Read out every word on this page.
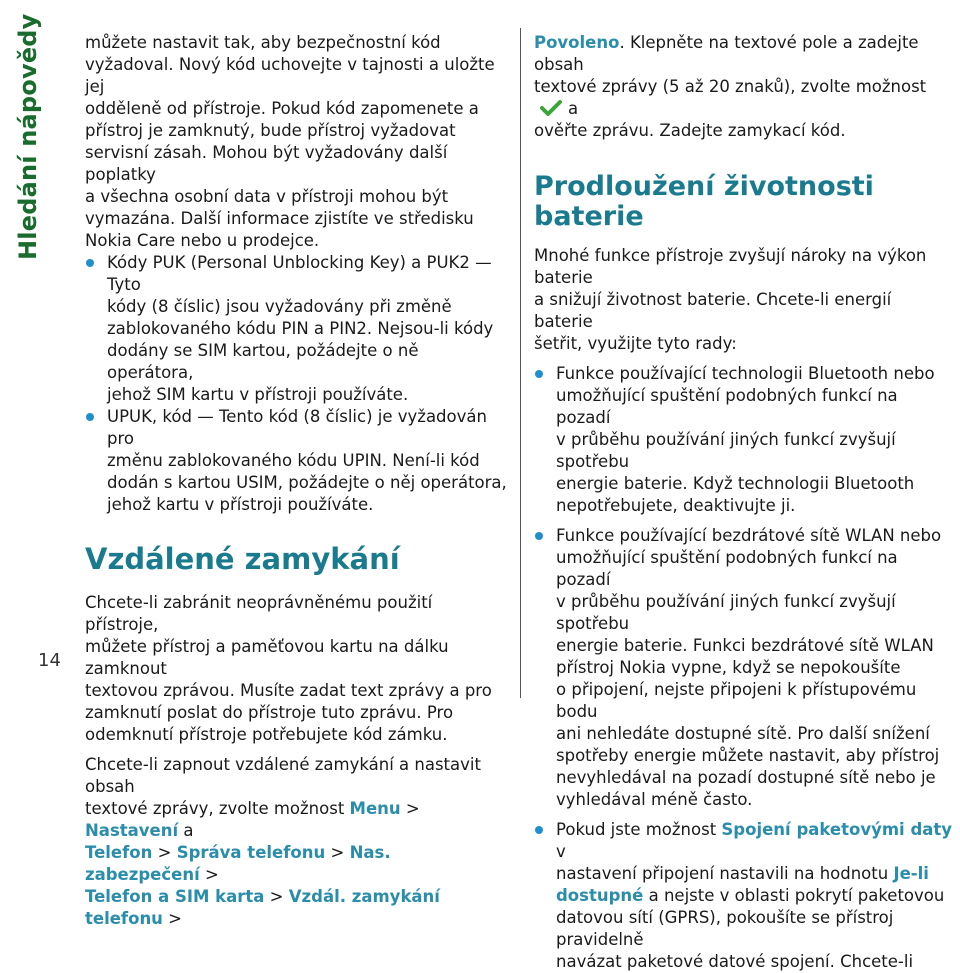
Hledání nápovědy
14

můžete nastavit tak, aby bezpečnostní kód
vyžadoval. Nový kód uchovejte v tajnosti a uložte jej
odděleně od přístroje. Pokud kód zapomenete a
přístroj je zamknutý, bude přístroj vyžadovat
servisní zásah. Mohou být vyžadovány další poplatky
a všechna osobní data v přístroji mohou být
vymazána. Další informace zjistíte ve středisku
Nokia Care nebo u prodejce.

Kódy PUK (Personal Unblocking Key) a PUK2 — Tyto
kódy (8 číslic) jsou vyžadovány při změně
zablokovaného kódu PIN a PIN2. Nejsou-li kódy
dodány se SIM kartou, požádejte o ně operátora,
jehož SIM kartu v přístroji používáte.
UPUK, kód — Tento kód (8 číslic) je vyžadován pro
změnu zablokovaného kódu UPIN. Není-li kód
dodán s kartou USIM, požádejte o něj operátora,
jehož kartu v přístroji používáte.
Vzdálené zamykání

Chcete-li zabránit neoprávněnému použití přístroje,
můžete přístroj a paměťovou kartu na dálku zamknout
textovou zprávou. Musíte zadat text zprávy a pro
zamknutí poslat do přístroje tuto zprávu. Pro
odemknutí přístroje potřebujete kód zámku.

Chcete-li zapnout vzdálené zamykání a nastavit obsah
textové zprávy, zvolte možnost Menu > Nastavení a
Telefon > Správa telefonu > Nas. zabezpečení >
Telefon a SIM karta > Vzdál. zamykání telefonu >

Povoleno. Klepněte na textové pole a zadejte obsah
textové zprávy (5 až 20 znaků), zvolte možnosta
ověřte zprávu. Zadejte zamykací kód.

Prodloužení životnosti baterie

Mnohé funkce přístroje zvyšují nároky na výkon baterie
a snižují životnost baterie. Chcete-li energií baterie
šetřit, využijte tyto rady:

Funkce používající technologii Bluetooth nebo
umožňující spuštění podobných funkcí na pozadí
v průběhu používání jiných funkcí zvyšují spotřebu
energie baterie. Když technologii Bluetooth
nepotřebujete, deaktivujte ji.
Funkce používající bezdrátové sítě WLAN nebo
umožňující spuštění podobných funkcí na pozadí
v průběhu používání jiných funkcí zvyšují spotřebu
energie baterie. Funkci bezdrátové sítě WLAN
přístroj Nokia vypne, když se nepokoušíte
o připojení, nejste připojeni k přístupovému bodu
ani nehledáte dostupné sítě. Pro další snížení
spotřeby energie můžete nastavit, aby přístroj
nevyhledával na pozadí dostupné sítě nebo je
vyhledával méně často.
Pokud jste možnost Spojení paketovými daty v
nastavení připojení nastavili na hodnotu Je-li
dostupné a nejste v oblasti pokrytí paketovou
datovou sítí (GPRS), pokoušíte se přístroj pravidelně
navázat paketové datové spojení. Chcete-li
